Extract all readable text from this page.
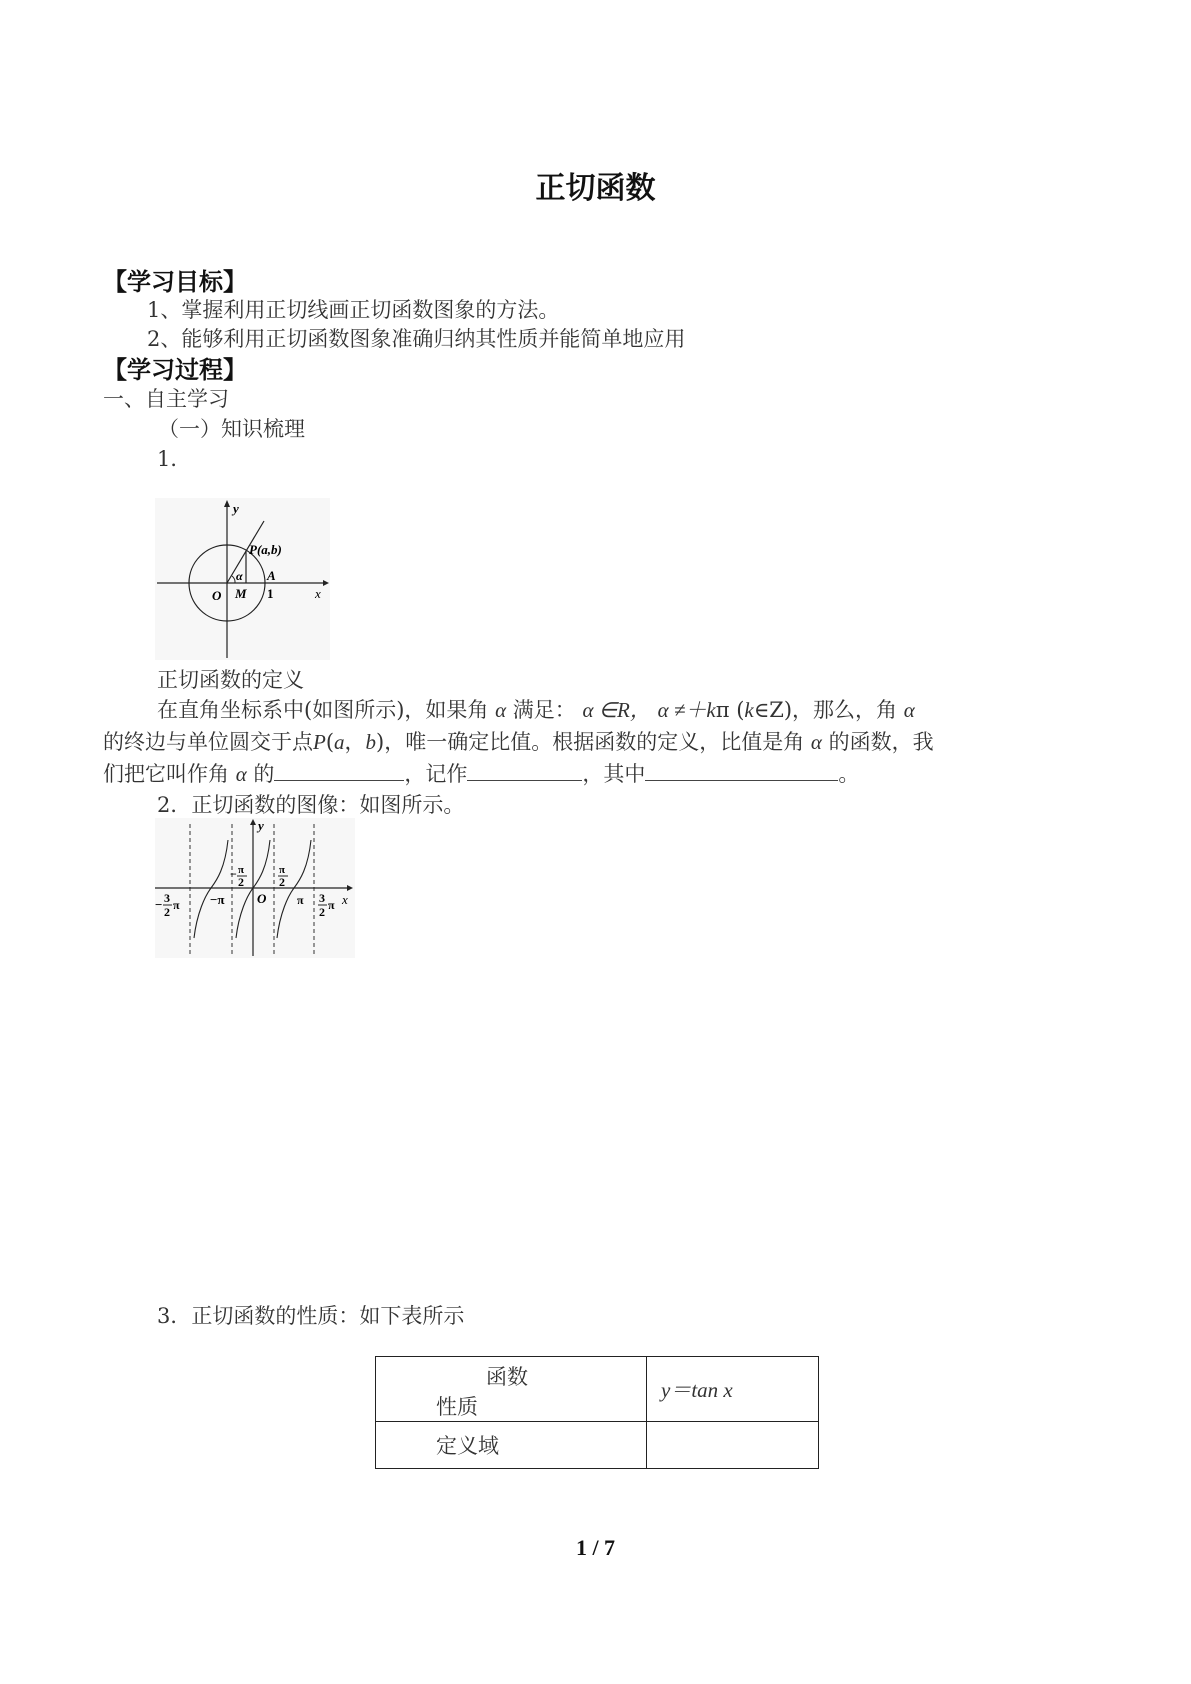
正切函数
【学习目标】
1、掌握利用正切线画正切函数图象的方法。
2、能够利用正切函数图象准确归纳其性质并能简单地应用
【学习过程】
一、自主学习
（一）知识梳理
1．
y
P(a,b)
α A
O M 1	x
正切函数的定义
在直角坐标系中(如图所示)，如果角 α 满足： α ∈R， α ≠＋kπ (k∈Z)，那么，角 α
的终边与单位圆交于点P(a，b)，唯一确定比值。根据函数的定义，比值是角 α 的函数，我
们把它叫作角 α 的	，记作	，其中	。
2．正切函数的图像：如图所示。
y
x
O
− 3
2 π −π
− π
2
π
2
π 3
2 π
3．正切函数的性质：如下表所示
函数
性质	y＝tan x
定义域	
1 / 7
